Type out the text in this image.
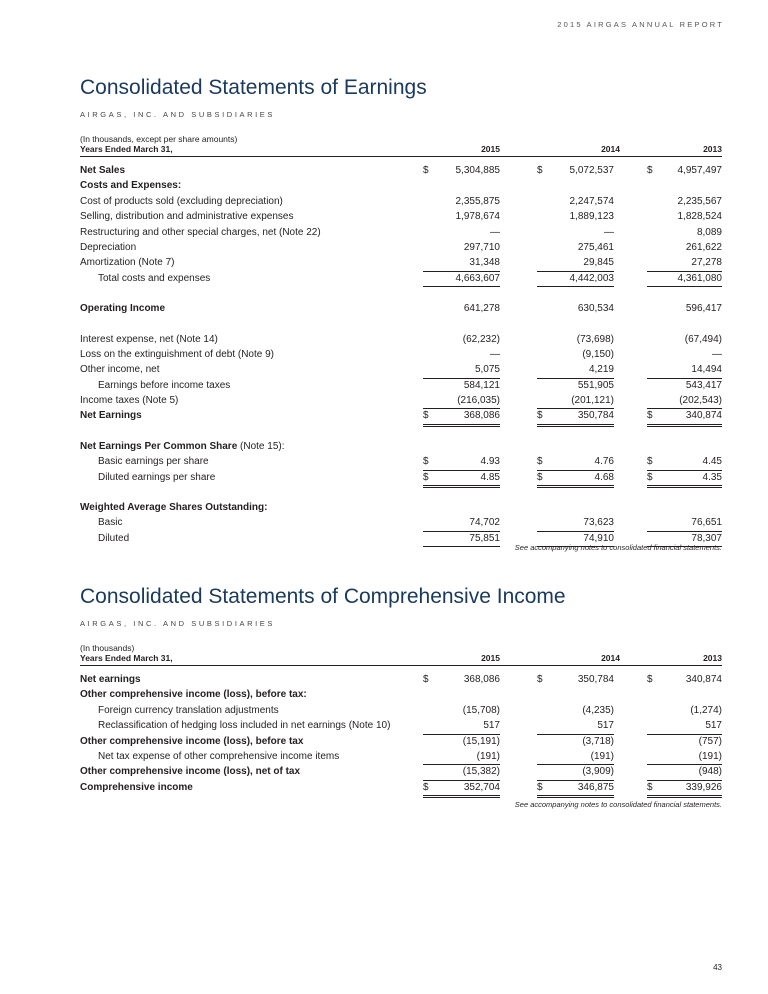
2015 AIRGAS ANNUAL REPORT
Consolidated Statements of Earnings
AIRGAS, INC. AND SUBSIDIARIES
(In thousands, except per share amounts)
Years Ended March 31,	2015	2014	2013
Net Sales	$	5,304,885	$	5,072,537	$ 4,957,497
Costs and Expenses:
Cost of products sold (excluding depreciation)	2,355,875	2,247,574	2,235,567
Selling, distribution and administrative expenses	1,978,674	1,889,123	1,828,524
Restructuring and other special charges, net (Note 22)	—	—	8,089
Depreciation	297,710	275,461	261,622
Amortization (Note 7)	31,348	29,845	27,278
Total costs and expenses	4,663,607	4,442,003	4,361,080
Operating Income	641,278	630,534	596,417
Interest expense, net (Note 14)	(62,232)	(73,698)	(67,494)
Loss on the extinguishment of debt (Note 9)	—	(9,150)	—
Other income, net	5,075	4,219	14,494
Earnings before income taxes	584,121	551,905	543,417
Income taxes (Note 5)	(216,035)	(201,121)	(202,543)
Net Earnings	$	368,086	$	350,784	$	340,874
Net Earnings Per Common Share (Note 15):
Basic earnings per share	$	4.93	$	4.76	$	4.45
Diluted earnings per share	$	4.85	$	4.68	$	4.35
Weighted Average Shares Outstanding:
Basic	74,702	73,623	76,651
Diluted	75,851	74,910	78,307
See accompanying notes to consolidated financial statements.
Consolidated Statements of Comprehensive Income
AIRGAS, INC. AND SUBSIDIARIES
(In thousands)
Years Ended March 31,	2015	2014	2013
Net earnings	$	368,086	$	350,784	$	340,874
Other comprehensive income (loss), before tax:
Foreign currency translation adjustments	(15,708)	(4,235)	(1,274)
Reclassification of hedging loss included in net earnings (Note 10)	517	517	517
Other comprehensive income (loss), before tax	(15,191)	(3,718)	(757)
Net tax expense of other comprehensive income items	(191)	(191)	(191)
Other comprehensive income (loss), net of tax	(15,382)	(3,909)	(948)
Comprehensive income	$	352,704	$	346,875	$	339,926
See accompanying notes to consolidated financial statements.
43
